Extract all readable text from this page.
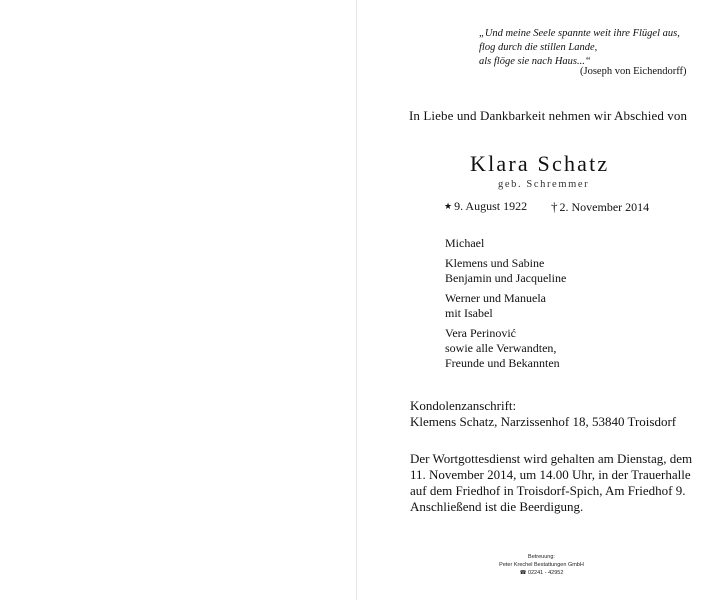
„Und meine Seele spannte weit ihre Flügel aus,
flog durch die stillen Lande,
als flöge sie nach Haus...“
(Joseph von Eichendorff)
In Liebe und Dankbarkeit nehmen wir Abschied von
Klara Schatz
geb. Schremmer
★ 9. August 1922 † 2. November 2014
Michael
Klemens und Sabine
Benjamin und Jacqueline
Werner und Manuela
mit Isabel
Vera Perinović
sowie alle Verwandten,
Freunde und Bekannten
Kondolenzanschrift:
Klemens Schatz, Narzissenhof 18, 53840 Troisdorf
Der Wortgottesdienst wird gehalten am Dienstag, dem
11. November 2014, um 14.00 Uhr, in der Trauerhalle
auf dem Friedhof in Troisdorf-Spich, Am Friedhof 9.
Anschließend ist die Beerdigung.
Betreuung:
Peter Krechel Bestattungen GmbH
☎ 02241 - 42952
